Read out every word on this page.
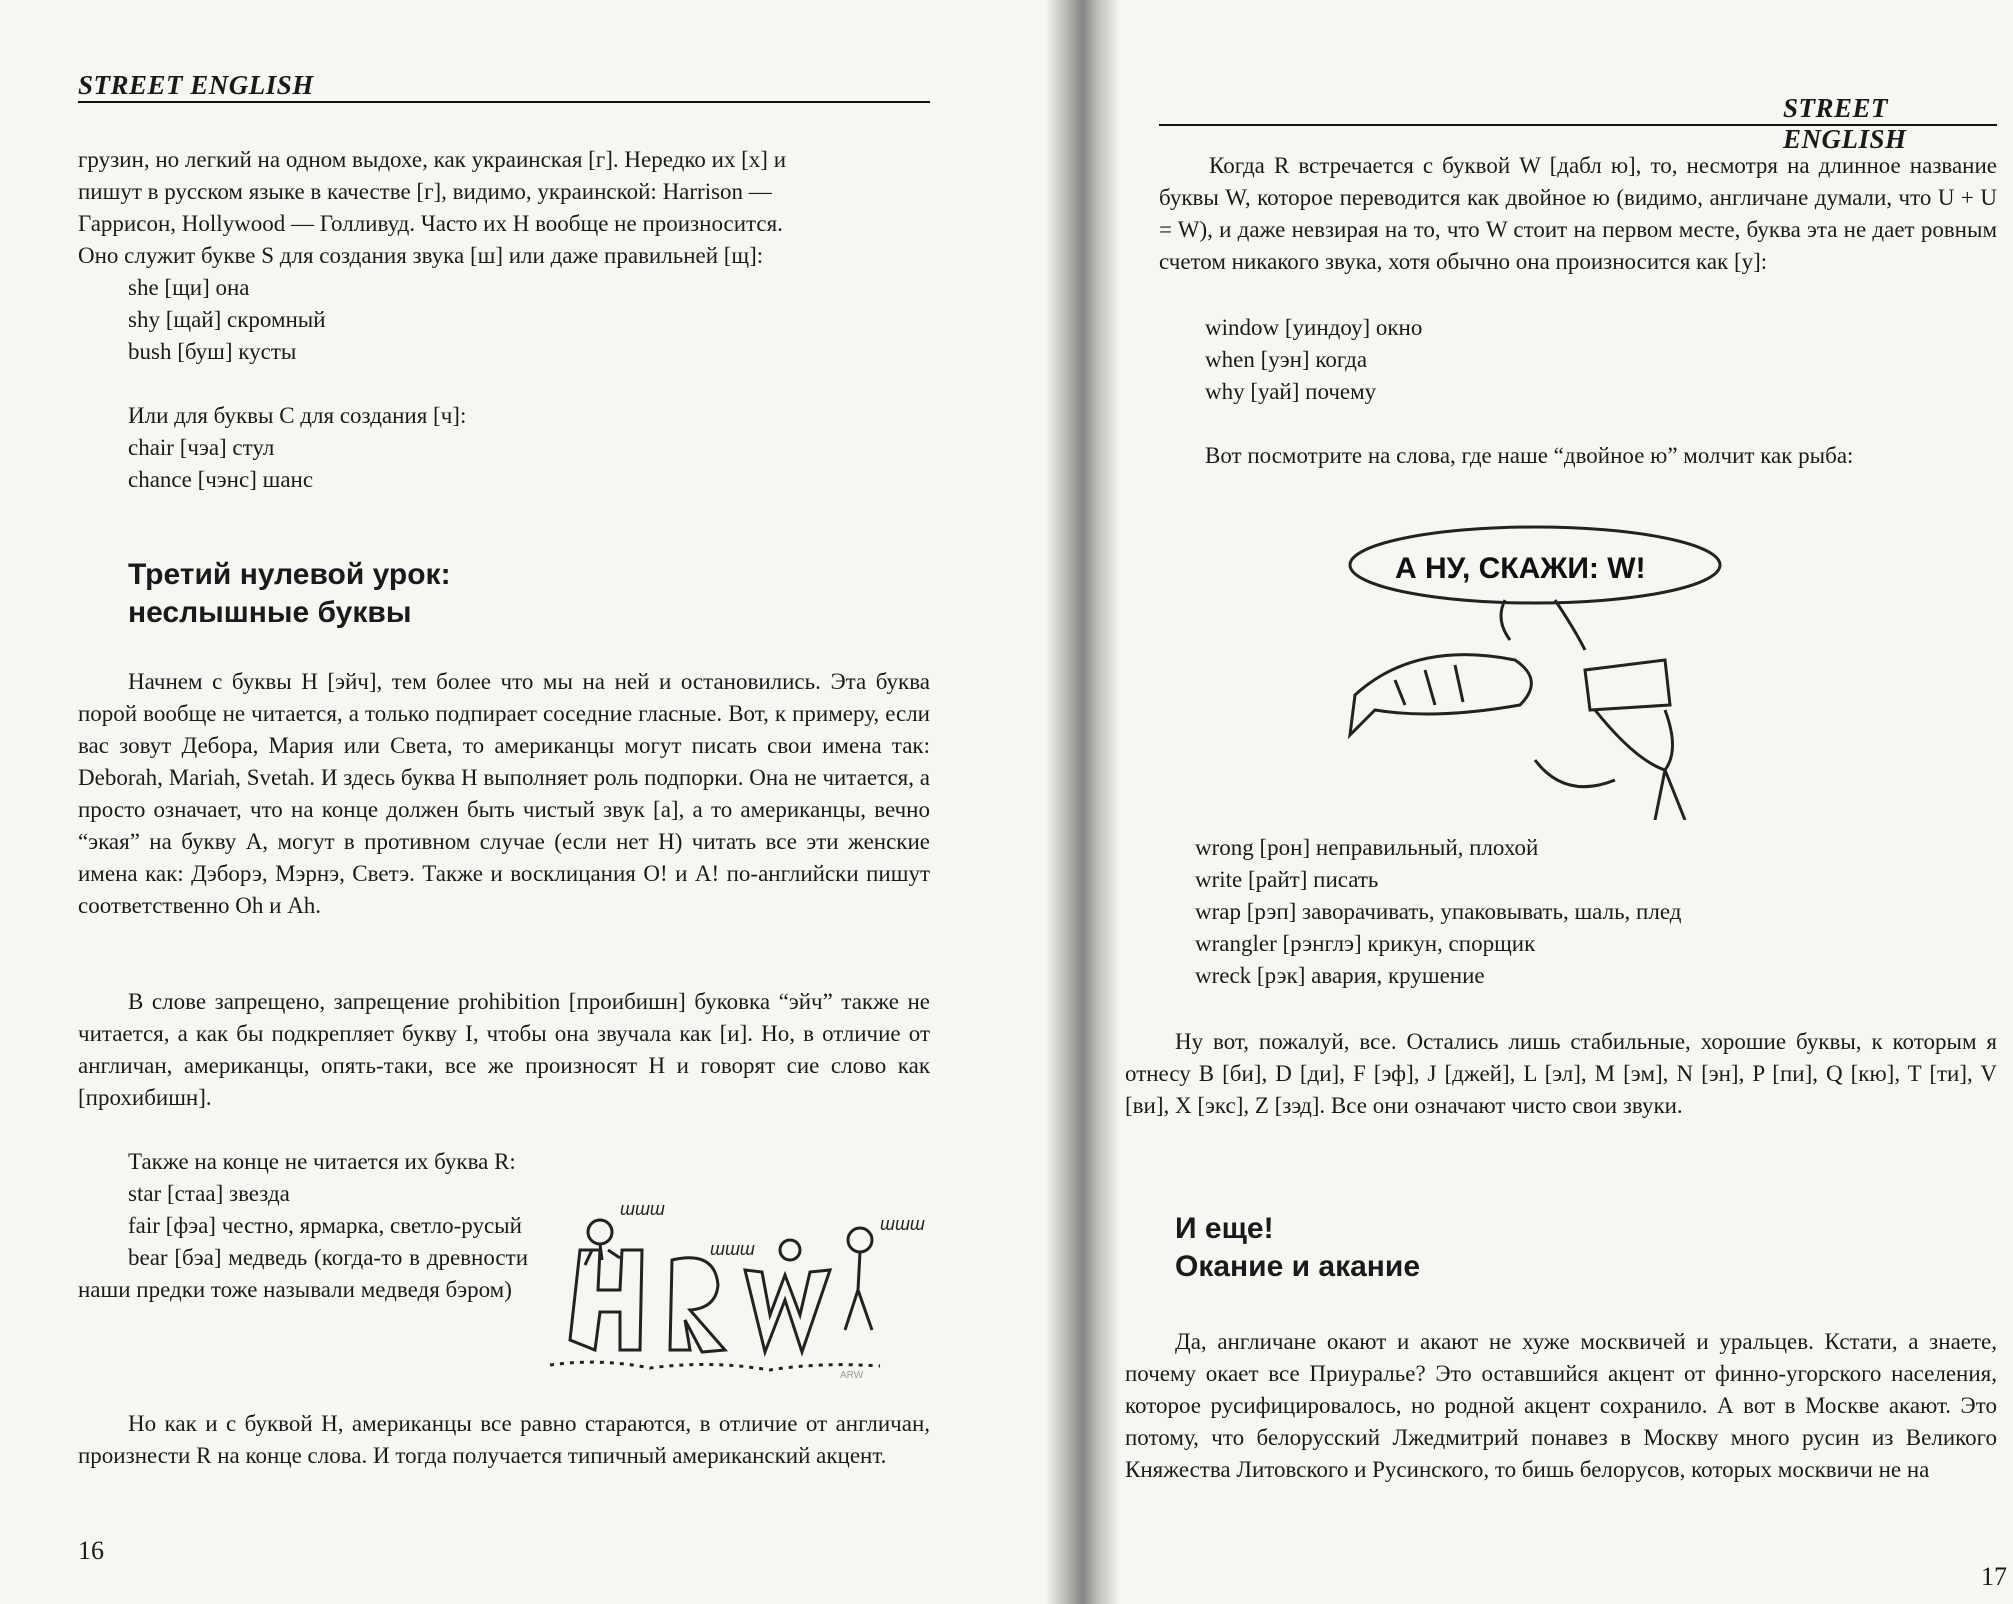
STREET ENGLISH
грузин, но легкий на одном выдохе, как украинская [г]. Нередко их [х] и
пишут в русском языке в качестве [г], видимо, украинской: Harrison —
Гаррисон, Hollywood — Голливуд. Часто их H вообще не произносится.
Оно служит букве S для создания звука [ш] или даже правильней [щ]:
she [щи] она
shy [щай] скромный
bush [буш] кусты
Или для буквы C для создания [ч]:
chair [чэа] стул
chance [чэнс] шанс
Третий нулевой урок:
неслышные буквы
Начнем с буквы H [эйч], тем более что мы на ней и остановились. Эта буква порой вообще не читается, а только подпирает соседние гласные. Вот, к примеру, если вас зовут Дебора, Мария или Света, то американцы могут писать свои имена так: Deborah, Mariah, Svetah. И здесь буква H выполняет роль подпорки. Она не читается, а просто означает, что на конце должен быть чистый звук [а], а то американцы, вечно “экая” на букву A, могут в противном случае (если нет H) читать все эти женские имена как: Дэборэ, Мэрнэ, Светэ. Также и восклицания O! и A! по-английски пишут соответственно Oh и Ah.
В слове запрещено, запрещение prohibition [проибишн] буковка “эйч” также не читается, а как бы подкрепляет букву I, чтобы она звучала как [и]. Но, в отличие от англичан, американцы, опять-таки, все же произносят H и говорят сие слово как [прохибишн].
Также на конце не читается их буква R:

star [стаа] звезда

fair [фэа] честно, ярмарка, светло-русый

bear [бэа] медведь (когда-то в древности наши предки тоже называли медведя бэром)

шшш
шшш
шшш
ARW
Но как и с буквой H, американцы все равно стараются, в отличие от англичан, произнести R на конце слова. И тогда получается типичный американский акцент.
16
STREET ENGLISH
Когда R встречается с буквой W [дабл ю], то, несмотря на длинное название буквы W, которое переводится как двойное ю (видимо, англичане думали, что U + U = W), и даже невзирая на то, что W стоит на первом месте, буква эта не дает ровным счетом никакого звука, хотя обычно она произносится как [у]:
window [уиндоу] окно
when [уэн] когда
why [уай] почему
Вот посмотрите на слова, где наше “двойное ю” молчит как рыба:
А НУ, СКАЖИ: W!
wrong [рон] неправильный, плохой
write [райт] писать
wrap [рэп] заворачивать, упаковывать, шаль, плед
wrangler [рэнглэ] крикун, спорщик
wreck [рэк] авария, крушение
Ну вот, пожалуй, все. Остались лишь стабильные, хорошие буквы, к которым я отнесу B [би], D [ди], F [эф], J [джей], L [эл], M [эм], N [эн], P [пи], Q [кю], T [ти], V [ви], X [экс], Z [зэд]. Все они означают чисто свои звуки.
И еще!
Окание и акание
Да, англичане окают и акают не хуже москвичей и уральцев. Кстати, а знаете, почему окает все Приуралье? Это оставшийся акцент от финно-угорского населения, которое русифицировалось, но родной акцент сохранило. А вот в Москве акают. Это потому, что белорусский Лжедмитрий понавез в Москву много русин из Великого Княжества Литовского и Русинского, то бишь белорусов, которых москвичи не на
17
